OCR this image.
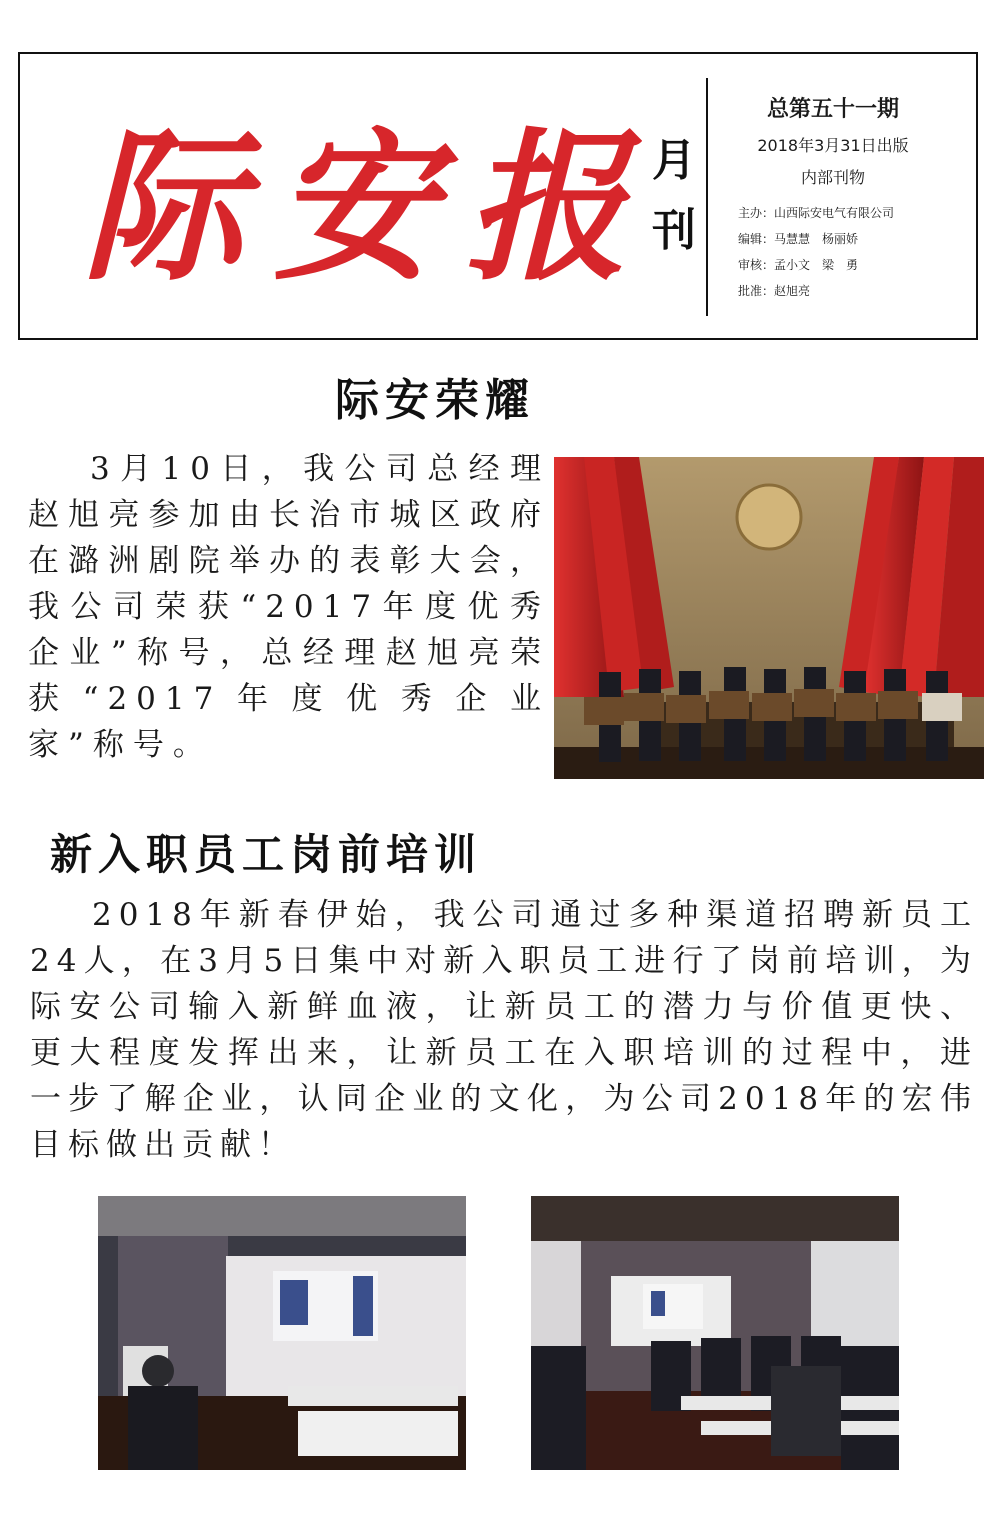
际安报 月
刊
总第五十一期
2018年3月31日出版
内部刊物
主办：山西际安电气有限公司
编辑：马慧慧　杨丽娇
审核：孟小文　梁　勇
批准：赵旭亮
际安荣耀
3月10日，我公司总经理赵旭亮参加由长治市城区政府在潞洲剧院举办的表彰大会，我公司荣获“2017年度优秀企业”称号，总经理赵旭亮荣获“2017年度优秀企业家”称号。
新入职员工岗前培训
2018年新春伊始，我公司通过多种渠道招聘新员工24人，在3月5日集中对新入职员工进行了岗前培训，为际安公司输入新鲜血液，让新员工的潜力与价值更快、更大程度发挥出来，让新员工在入职培训的过程中，进一步了解企业，认同企业的文化，为公司2018年的宏伟目标做出贡献！
